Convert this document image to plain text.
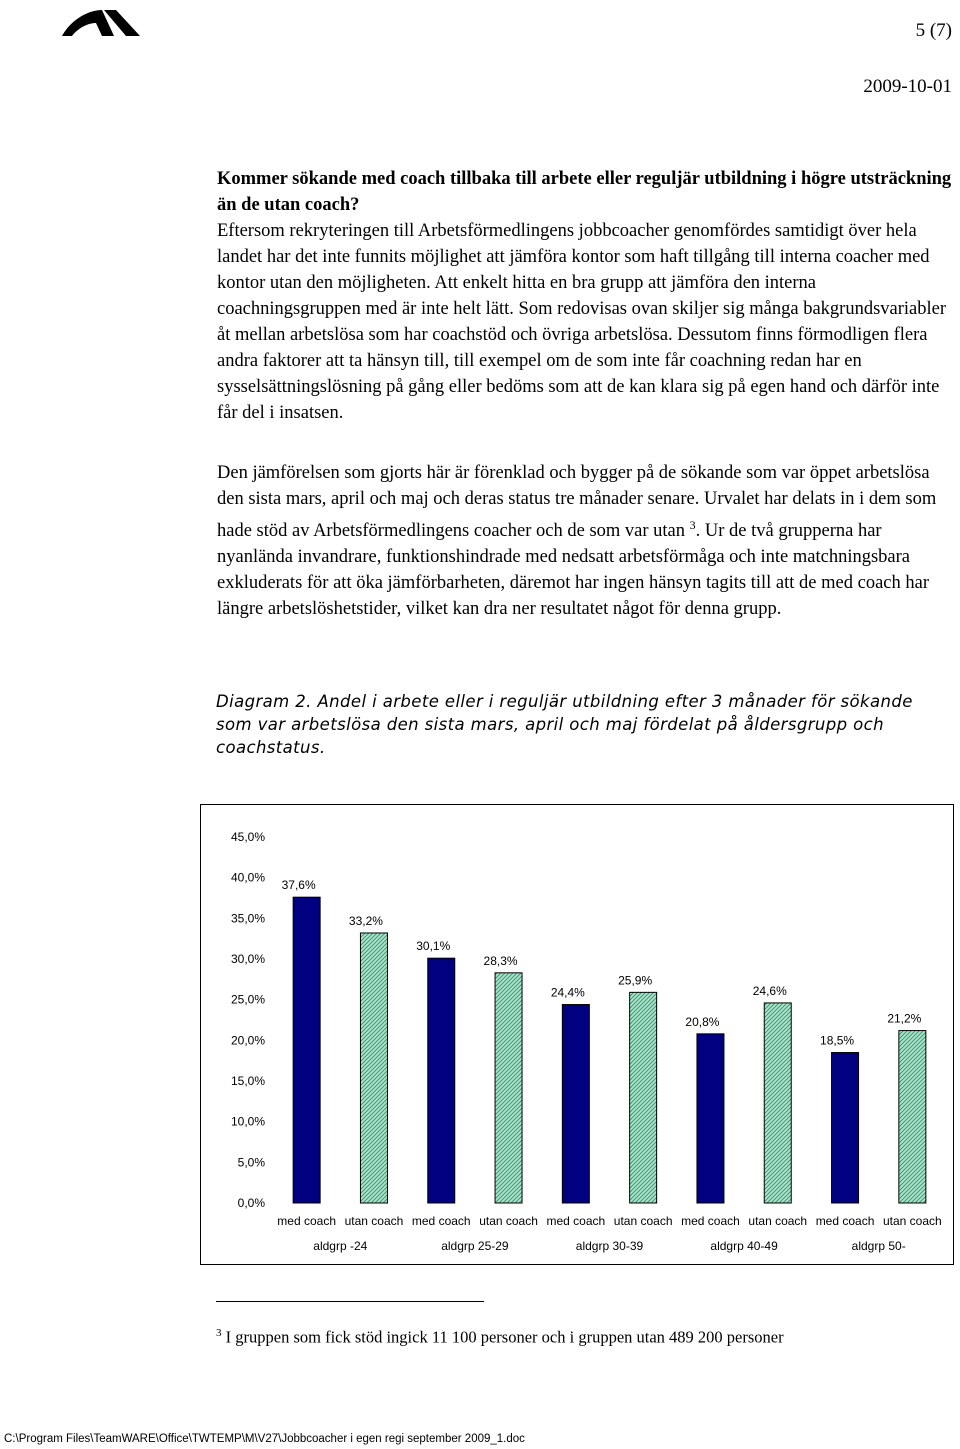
5 (7)
2009-10-01

Kommer sökande med coach tillbaka till arbete eller reguljär utbildning i högre utsträckning än de utan coach?

Eftersom rekryteringen till Arbetsförmedlingens jobbcoacher genomfördes samtidigt över hela landet har det inte funnits möjlighet att jämföra kontor som haft tillgång till interna coacher med kontor utan den möjligheten. Att enkelt hitta en bra grupp att jämföra den interna coachningsgruppen med är inte helt lätt. Som redovisas ovan skiljer sig många bakgrundsvariabler åt mellan arbetslösa som har coachstöd och övriga arbetslösa. Dessutom finns förmodligen flera andra faktorer att ta hänsyn till, till exempel om de som inte får coachning redan har en sysselsättningslösning på gång eller bedöms som att de kan klara sig på egen hand och därför inte får del i insatsen.

Den jämförelsen som gjorts här är förenklad och bygger på de sökande som var öppet arbetslösa den sista mars, april och maj och deras status tre månader senare. Urvalet har delats in i dem som hade stöd av Arbetsförmedlingens coacher och de som var utan $^3$. Ur de två grupperna har nyanlända invandrare, funktionshindrade med nedsatt arbetsförmåga och inte matchningsbara exkluderats för att öka jämförbarheten, däremot har ingen hänsyn tagits till att de med coach har längre arbetslöshetstider, vilket kan dra ner resultatet något för denna grupp.

Diagram 2. Andel i arbete eller i reguljär utbildning efter 3 månader för sökande som var arbetslösa den sista mars, april och maj fördelat på åldersgrupp och coachstatus.

0,0%
5,0%
10,0%
15,0%
20,0%
25,0%
30,0%
35,0%
40,0%
45,0%
37,6%
med coach
33,2%
utan coach
30,1%
med coach
28,3%
utan coach
24,4%
med coach
25,9%
utan coach
20,8%
med coach
24,6%
utan coach
18,5%
med coach
21,2%
utan coach
aldgrp -24	aldgrp 25-29	aldgrp 30-39	aldgrp 40-49	aldgrp 50-

$^3$ I gruppen som fick stöd ingick 11 100 personer och i gruppen utan 489 200 personer

C:\Program Files\TeamWARE\Office\TWTEMP\M\V27\Jobbcoacher i egen regi september 2009_1.doc
